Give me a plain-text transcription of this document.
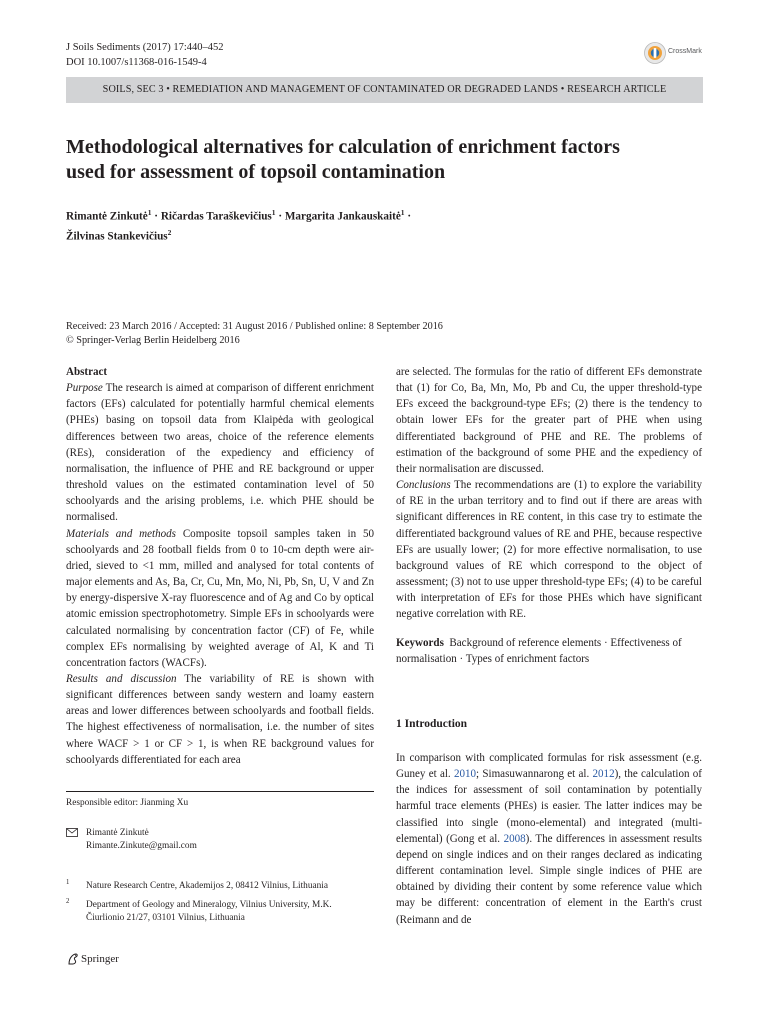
J Soils Sediments (2017) 17:440–452
DOI 10.1007/s11368-016-1549-4
CrossMark
SOILS, SEC 3 • REMEDIATION AND MANAGEMENT OF CONTAMINATED OR DEGRADED LANDS • RESEARCH ARTICLE
Methodological alternatives for calculation of enrichment factors
used for assessment of topsoil contamination
Rimantė Zinkutė$^1$ · Ričardas Taraškevičius$^1$ · Margarita Jankauskaitė$^1$ ·
Žilvinas Stankevičius$^2$
Received: 23 March 2016 / Accepted: 31 August 2016 / Published online: 8 September 2016
© Springer-Verlag Berlin Heidelberg 2016

Abstract

Purpose The research is aimed at comparison of different enrichment factors (EFs) calculated for potentially harmful chemical elements (PHEs) basing on topsoil data from Klaipėda with geological differences between two areas, choice of the reference elements (REs), consideration of the expediency and efficiency of normalisation, the influence of PHE and RE background or upper threshold values on the estimated contamination level of 50 schoolyards and the arising problems, i.e. which PHE should be normalised.

Materials and methods Composite topsoil samples taken in 50 schoolyards and 28 football fields from 0 to 10-cm depth were air-dried, sieved to <1 mm, milled and analysed for total contents of major elements and As, Ba, Cr, Cu, Mn, Mo, Ni, Pb, Sn, U, V and Zn by energy-dispersive X-ray fluorescence and of Ag and Co by optical atomic emission spectrophotometry. Simple EFs in schoolyards were calculated normalising by concentration factor (CF) of Fe, while complex EFs normalising by weighted average of Al, K and Ti concentration factors (WACFs).

Results and discussion The variability of RE is shown with significant differences between sandy western and loamy eastern areas and lower differences between schoolyards and football fields. The highest effectiveness of normalisation, i.e. the number of sites where WACF > 1 or CF > 1, is when RE background values for schoolyards differentiated for each area

are selected. The formulas for the ratio of different EFs demonstrate that (1) for Co, Ba, Mn, Mo, Pb and Cu, the upper threshold-type EFs exceed the background-type EFs; (2) there is the tendency to obtain lower EFs for the greater part of PHE when using differentiated background of PHE and RE. The problems of estimation of the background of some PHE and the expediency of their normalisation are discussed.

Conclusions The recommendations are (1) to explore the variability of RE in the urban territory and to find out if there are areas with significant differences in RE content, in this case try to estimate the differentiated background values of RE and PHE, because respective EFs are usually lower; (2) for more effective normalisation, to use background values of RE which correspond to the object of assessment; (3) not to use upper threshold-type EFs; (4) to be careful with interpretation of EFs for those PHEs which have significant negative correlation with RE.

Keywords Background of reference elements · Effectiveness of normalisation · Types of enrichment factors

1 Introduction

In comparison with complicated formulas for risk assessment (e.g. Guney et al. 2010; Simasuwannarong et al. 2012), the calculation of the indices for assessment of soil contamination by potentially harmful trace elements (PHEs) is easier. The latter indices may be classified into single (mono-elemental) and integrated (multi-elemental) (Gong et al. 2008). The differences in assessment results depend on single indices and on their ranges declared as indicating different contamination level. Simple single indices of PHE are obtained by dividing their content by some reference value which may be different: concentration of element in the Earth's crust (Reimann and de

Responsible editor: Jianming Xu
Rimantė Zinkutė
Rimante.Zinkute@gmail.com
1 Nature Research Centre, Akademijos 2, 08412 Vilnius, Lithuania
2 Department of Geology and Mineralogy, Vilnius University, M.K.
Čiurlionio 21/27, 03101 Vilnius, Lithuania
Springer
